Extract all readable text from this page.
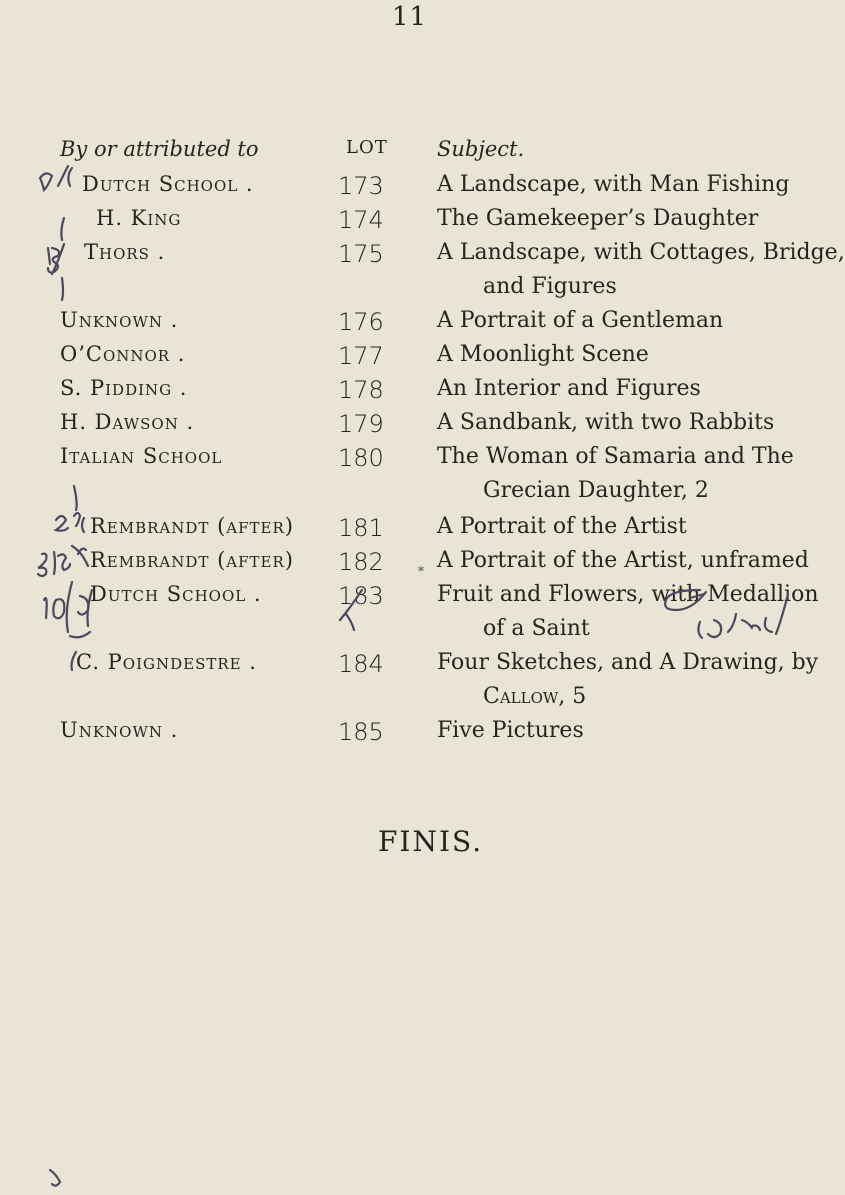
11
By or attributed to	LOT Subject.
Dutch School .	173 A Landscape, with Man Fishing
H. King	174 The Gamekeeper’s Daughter
Thors .	175 A Landscape, with Cottages, Bridge,
and Figures
Unknown .	176 A Portrait of a Gentleman
O’Connor .	177 A Moonlight Scene
S. Pidding .	178 An Interior and Figures
H. Dawson .	179 A Sandbank, with two Rabbits
Italian School	180 The Woman of Samaria and The
Grecian Daughter, 2
Rembrandt (after) 181 A Portrait of the Artist
Rembrandt (after) 182 A Portrait of the Artist, unframed
Dutch School .	183 Fruit and Flowers, with Medallion
of a Saint
C. Poigndestre .	184 Four Sketches, and A Drawing, by
Callow, 5
Unknown .	185 Five Pictures
FINIS.
*
